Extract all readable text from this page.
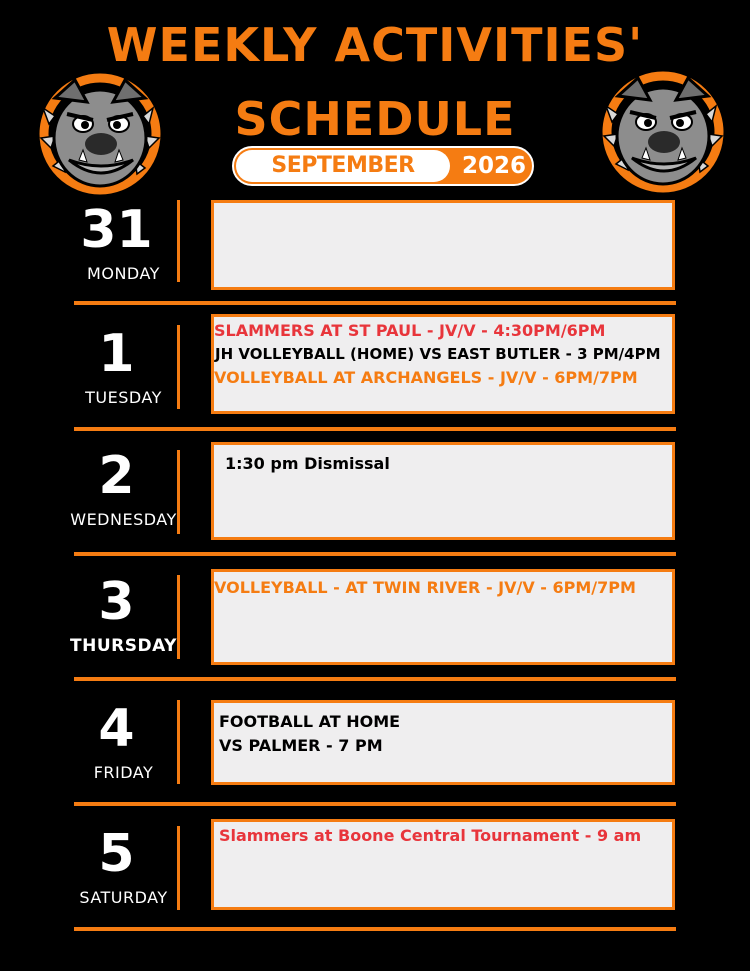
WEEKLY ACTIVITIES'
SCHEDULE
SEPTEMBER	2026
31
MONDAY
1
TUESDAY
SLAMMERS AT ST PAUL - JV/V - 4:30PM/6PM
JH VOLLEYBALL (HOME) VS EAST BUTLER - 3 PM/4PM
VOLLEYBALL AT ARCHANGELS - JV/V - 6PM/7PM
2
WEDNESDAY
1:30 pm Dismissal
3
THURSDAY
VOLLEYBALL - AT TWIN RIVER - JV/V - 6PM/7PM
4
FRIDAY
FOOTBALL AT HOME
VS PALMER - 7 PM
5
SATURDAY
Slammers at Boone Central Tournament - 9 am
